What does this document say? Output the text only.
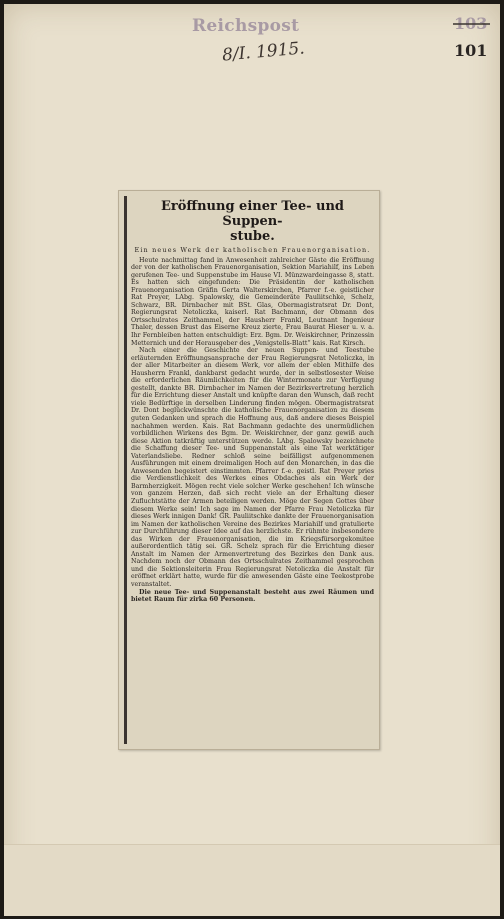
Reichspost
8/I. 1915.
103
101
Eröffnung einer Tee- und Suppen-
stube.
Ein neues Werk der katholischen Frauenorganisation.

Heute nachmittag fand in Anwesenheit zahlreicher Gäste die Eröffnung der von der katholischen Frauenorganisation, Sektion Mariahilf, ins Leben gerufenen Tee- und Suppenstube im Hause VI. Münzwardeingasse 8, statt. Es hatten sich eingefunden: Die Präsidentin der katholischen Frauenorganisation Gräfin Gerta Walterskirchen, Pfarrer f.-e. geistlicher Rat Preyer, LAbg. Spalowsky, die Gemeinderäte Pauliitschke, Schelz, Schwarz, BR. Dirnbacher mit BSt. Glas, Obermagistratsrat Dr. Dont, Regierungsrat Netoliczka, kaiserl. Rat Bachmann, der Obmann des Ortsschulrates Zeithammel, der Hausherr Frankl, Leutnant Ingenieur Thaler, dessen Brust das Eiserne Kreuz zierte, Frau Baurat Hieser u. v. a. Ihr Fernbleiben hatten entschuldigt: Erz. Bgm. Dr. Weiskirchner, Prinzessin Metternich und der Herausgeber des „Venigstells-Blatt“ kais. Rat Kirsch.

Nach einer die Geschichte der neuen Suppen- und Teestube erläuternden Eröffnungsansprache der Frau Regierungsrat Netoliczka, in der aller Mitarbeiter an diesem Werk, vor allem der eblen Mithilfe des Hausherrn Frankl, dankbarst gedacht wurde, der in selbstlosester Weise die erforderlichen Räumlichkeiten für die Wintermonate zur Verfügung gestellt, dankte BR. Dirnbacher im Namen der Bezirksvertretung herzlich für die Errichtung dieser Anstalt und knüpfte daran den Wunsch, daß recht viele Bedürftige in derselben Linderung finden mögen. Obermagistratsrat Dr. Dont beglückwünschte die katholische Frauenorganisation zu diesem guten Gedanken und sprach die Hoffnung aus, daß andere dieses Beispiel nachahmen werden. Kais. Rat Bachmann gedachte des unermüdlichen vorbildlichen Wirkens des Bgm. Dr. Weiskirchner, der ganz gewiß auch diese Aktion tatkräftig unterstützen werde. LAbg. Spalowsky bezeichnete die Schaffung dieser Tee- und Suppenanstalt als eine Tat werktätiger Vaterlandsliebe. Redner schloß seine beifälligst aufgenommenen Ausführungen mit einem dreimaligen Hoch auf den Monarchen, in das die Anwesenden begeistert einstimmten. Pfarrer f.-e. geistl. Rat Preyer pries die Verdienstlichkeit des Werkes eines Obdaches als ein Werk der Barmherzigkeit. Mögen recht viele solcher Werke geschehen! Ich wünsche von ganzem Herzen, daß sich recht viele an der Erhaltung dieser Zufluchtstätte der Armen beteiligen werden. Möge der Segen Gottes über diesem Werke sein! Ich sage im Namen der Pfarre Frau Netoliczka für dieses Werk innigen Dank! GR. Pauliitschke dankte der Frauenorganisation im Namen der katholischen Vereine des Bezirkes Mariahilf und gratulierte zur Durchführung dieser Idee auf das herzlichste. Er rühmte insbesondere das Wirken der Frauenorganisation, die im Kriegsfürsorgekomitee außerordentlich tätig sei. GR. Schelz sprach für die Errichtung dieser Anstalt im Namen der Armenvertretung des Bezirkes den Dank aus. Nachdem noch der Obmann des Ortsschulrates Zeithammel gesprochen und die Sektionsleiterin Frau Regierungsrat Netoliczka die Anstalt für eröffnet erklärt hatte, wurde für die anwesenden Gäste eine Teekostprobe veranstaltet.

Die neue Tee- und Suppenanstalt besteht aus zwei Räumen und bietet Raum für zirka 60 Personen.
